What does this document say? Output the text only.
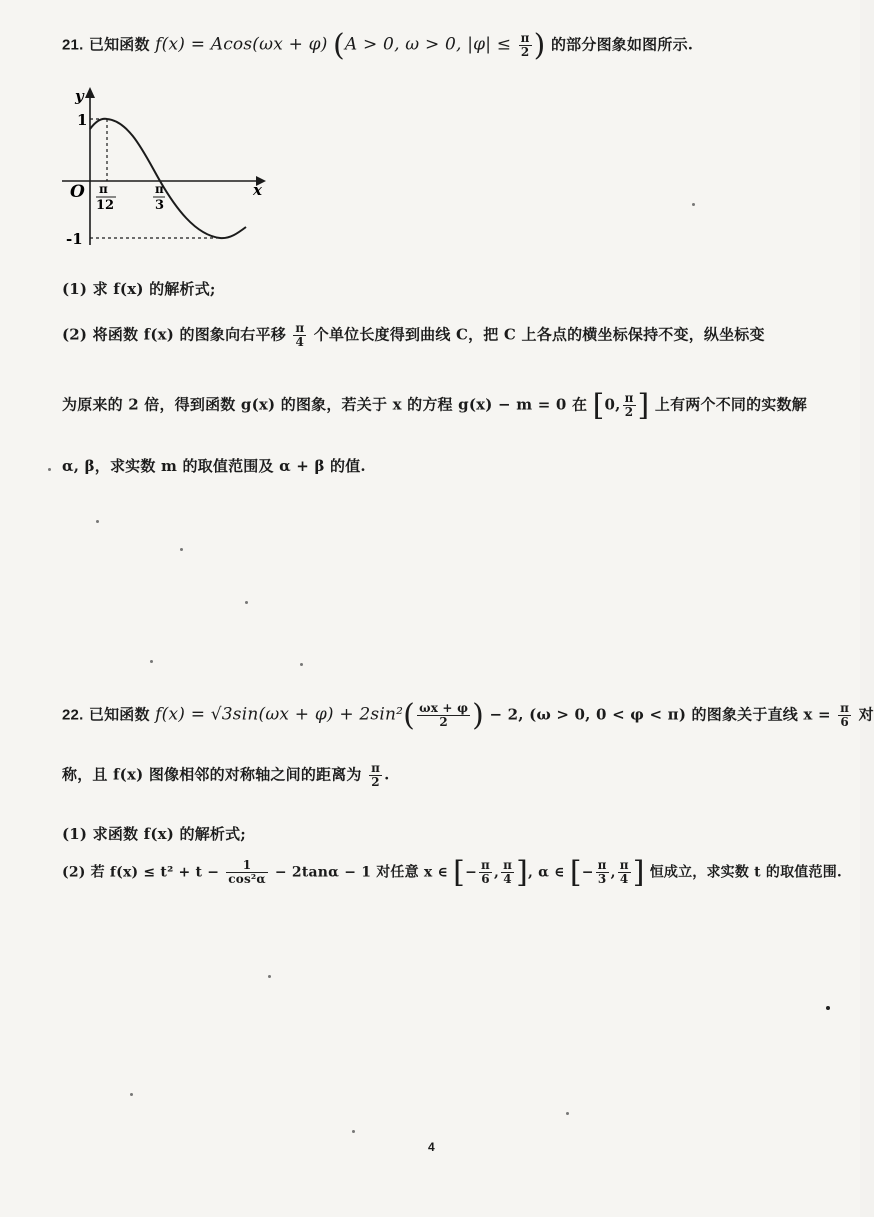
21. 已知函数 f(x) = Acos(ωx + φ) (A > 0, ω > 0, $|\varphi| \le \frac{\pi}{2}$ ) 的部分图象如图所示.
y
x
O
1
-1
π
12
π
3
(1) 求 f(x) 的解析式;
(2) 将函数 f(x) 的图象向右平移 $\frac{\pi}{4}$ 个单位长度得到曲线 C，把 C 上各点的横坐标保持不变，纵坐标变
为原来的 2 倍，得到函数 g(x) 的图象，若关于 x 的方程 g(x) − m = 0 在 [0, $\frac{\pi}{2}$ ] 上有两个不同的实数解
α, β，求实数 m 的取值范围及 α + β 的值.
22. 已知函数 $f(x) = √3\sin(\omega x + \varphi) + 2\sin^2( \frac{\omega x + \varphi}{2}$ ) − 2, (ω > 0, 0 < φ < π) 的图象关于直线 $x = \frac{\pi}{6}$ 对
称，且 f(x) 图像相邻的对称轴之间的距离为 $\frac{\pi}{2}$ .
(1) 求函数 f(x) 的解析式;
(2) 若 $f(x) \le t^2 + t - \frac{1}{\text{cos²α}} - 2\tan\alpha - 1$ 对任意 x ∈ [− $\frac{\pi}{6}$ , $\frac{\pi}{4}$ ], α ∈ [− $\frac{\pi}{3}$ , $\frac{\pi}{4}$ ] 恒成立，求实数 t 的取值范围.
4
